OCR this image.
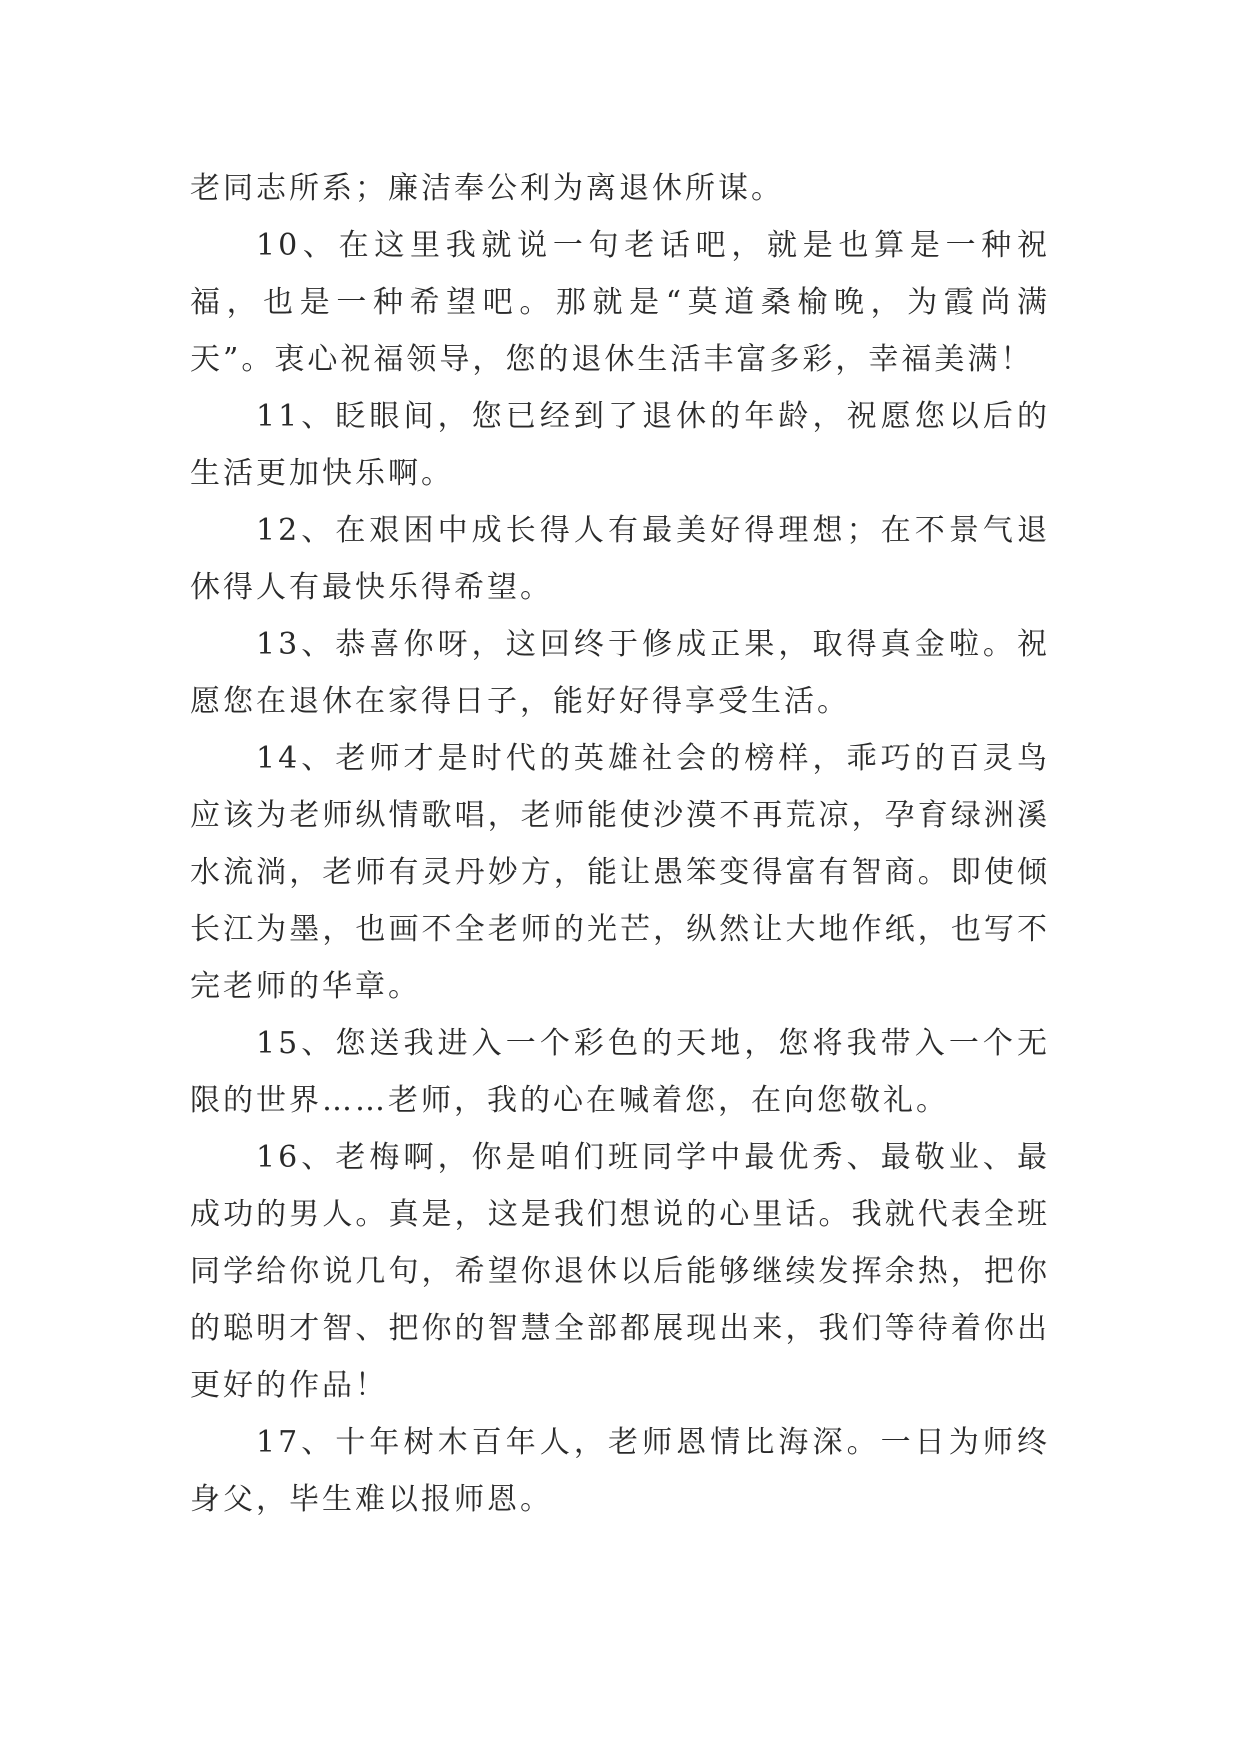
老同志所系；廉洁奉公利为离退休所谋。

10、在这里我就说一句老话吧，就是也算是一种祝福，也是一种希望吧。那就是“莫道桑榆晚，为霞尚满天”。衷心祝福领导，您的退休生活丰富多彩，幸福美满！

11、眨眼间，您已经到了退休的年龄，祝愿您以后的生活更加快乐啊。

12、在艰困中成长得人有最美好得理想；在不景气退休得人有最快乐得希望。

13、恭喜你呀，这回终于修成正果，取得真金啦。祝愿您在退休在家得日子，能好好得享受生活。

14、老师才是时代的英雄社会的榜样，乖巧的百灵鸟应该为老师纵情歌唱，老师能使沙漠不再荒凉，孕育绿洲溪水流淌，老师有灵丹妙方，能让愚笨变得富有智商。即使倾长江为墨，也画不全老师的光芒，纵然让大地作纸，也写不完老师的华章。

15、您送我进入一个彩色的天地，您将我带入一个无限的世界……老师，我的心在喊着您，在向您敬礼。

16、老梅啊，你是咱们班同学中最优秀、最敬业、最成功的男人。真是，这是我们想说的心里话。我就代表全班同学给你说几句，希望你退休以后能够继续发挥余热，把你的聪明才智、把你的智慧全部都展现出来，我们等待着你出更好的作品！

17、十年树木百年人，老师恩情比海深。一日为师终身父，毕生难以报师恩。
